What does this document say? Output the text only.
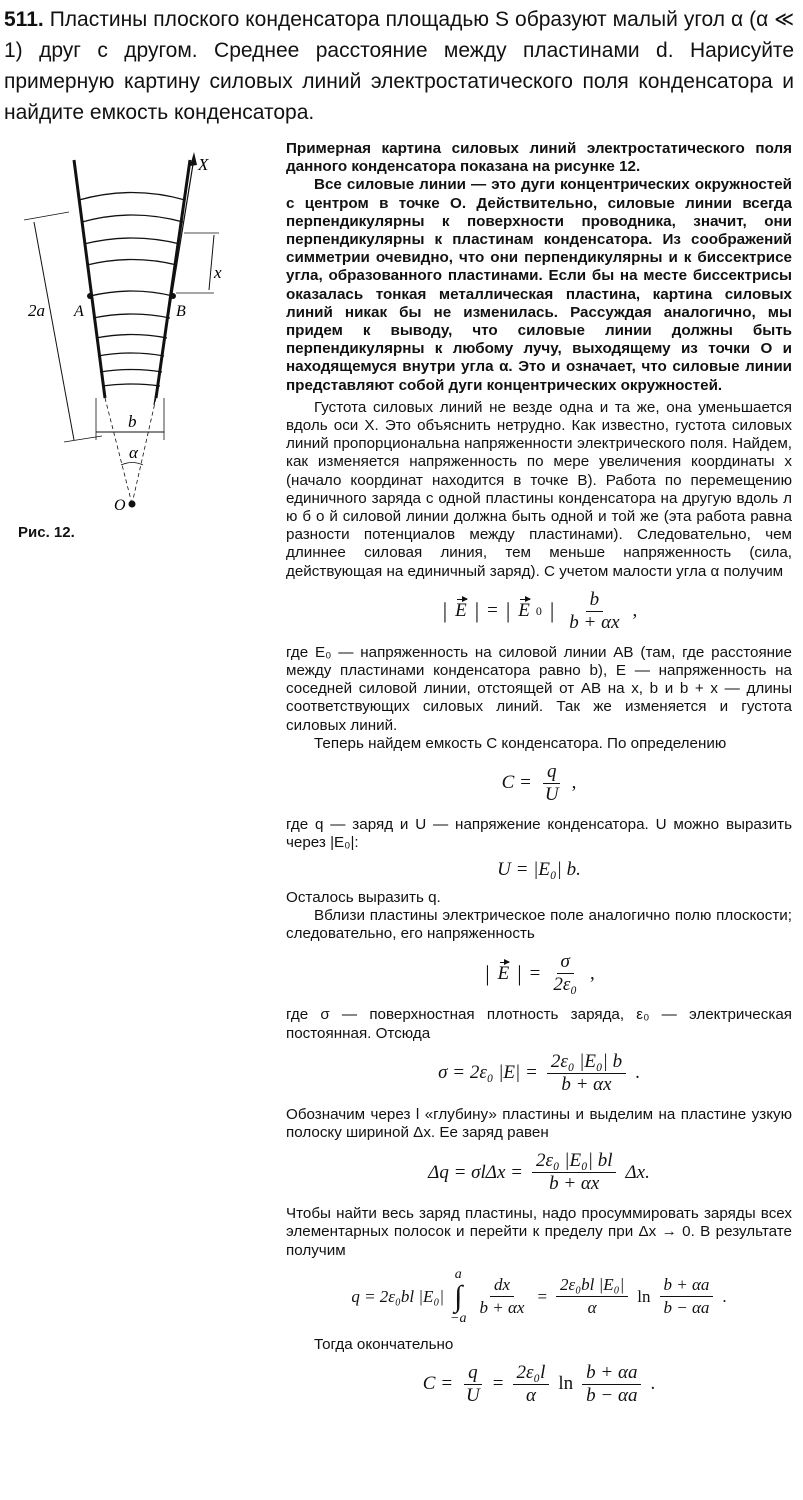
511. Пластины плоского конденсатора площадью S образуют малый угол α (α ≪ 1) друг с другом. Среднее расстояние между пластинами d. Нарисуйте примерную картину силовых линий электростатического поля конденсатора и найдите емкость конденсатора.
X
x
2a A	B
b
α
O
Рис. 12.

Примерная картина силовых линий электростатического поля данного конденсатора показана на рисунке 12.

Все силовые линии — это дуги концентрических окружностей с центром в точке O. Действительно, силовые линии всегда перпендикулярны к поверхности проводника, значит, они перпендикулярны к пластинам конденсатора. Из соображений симметрии очевидно, что они перпендикулярны и к биссектрисе угла, образованного пластинами. Если бы на месте биссектрисы оказалась тонкая металлическая пластина, картина силовых линий никак бы не изменилась. Рассуждая аналогично, мы придем к выводу, что силовые линии должны быть перпендикулярны к любому лучу, выходящему из точки O и находящемуся внутри угла α. Это и означает, что силовые линии представляют собой дуги концентрических окружностей.

Густота силовых линий не везде одна и та же, она уменьшается вдоль оси X. Это объяснить нетрудно. Как известно, густота силовых линий пропорциональна напряженности электрического поля. Найдем, как изменяется напряженность по мере увеличения координаты x (начало координат находится в точке B). Работа по перемещению единичного заряда с одной пластины конденсатора на другую вдоль л ю б о й силовой линии должна быть одной и той же (эта работа равна разности потенциалов между пластинами). Следовательно, чем длиннее силовая линия, тем меньше напряженность (сила, действующая на единичный заряд). С учетом малости угла α получим

| E | = | E 0 | $\frac{b}{b + \alpha x}$ ,

где E₀ — напряженность на силовой линии AB (там, где расстояние между пластинами конденсатора равно b), E — напряженность на соседней силовой линии, отстоящей от AB на x, b и b + x — длины соответствующих силовых линий. Так же изменяется и густота силовых линий.

Теперь найдем емкость C конденсатора. По определению

$C = \frac{q}{U}$ ,

где q — заряд и U — напряжение конденсатора. U можно выразить через |E₀|:

U = |E₀| b.

Осталось выразить q.

Вблизи пластины электрическое поле аналогично полю плоскости; следовательно, его напряженность

| E | = $\frac{\sigma}{\text{2ε₀}}$ ,

где σ — поверхностная плотность заряда, ε₀ — электрическая постоянная. Отсюда

σ = 2ε₀ $|E| = \frac{\text{2ε₀ |E₀| b}}{b + \alpha x}$ .

Обозначим через l «глубину» пластины и выделим на пластине узкую полоску шириной Δx. Ее заряд равен

$\Delta q = \sigma l\Delta x = \frac{\text{2ε₀ |E₀| bl}}{b + \alpha x} \Delta x$.

Чтобы найти весь заряд пластины, надо просуммировать заряды всех элементарных полосок и перейти к пределу при Δx → 0. В результате получим

q = 2ε₀bl |E₀|
a
∫
$-a \frac{dx}{b + \alpha x} = \frac{\text{2ε₀bl |E₀|}}{\alpha}$ $\ln \frac{b + \alpha a}{b - \alpha a}$ .

Тогда окончательно

$C = \frac{q}{U} = \frac{\text{2ε₀l}}{\alpha}$ $\ln \frac{b + \alpha a}{b - \alpha a}$ .
